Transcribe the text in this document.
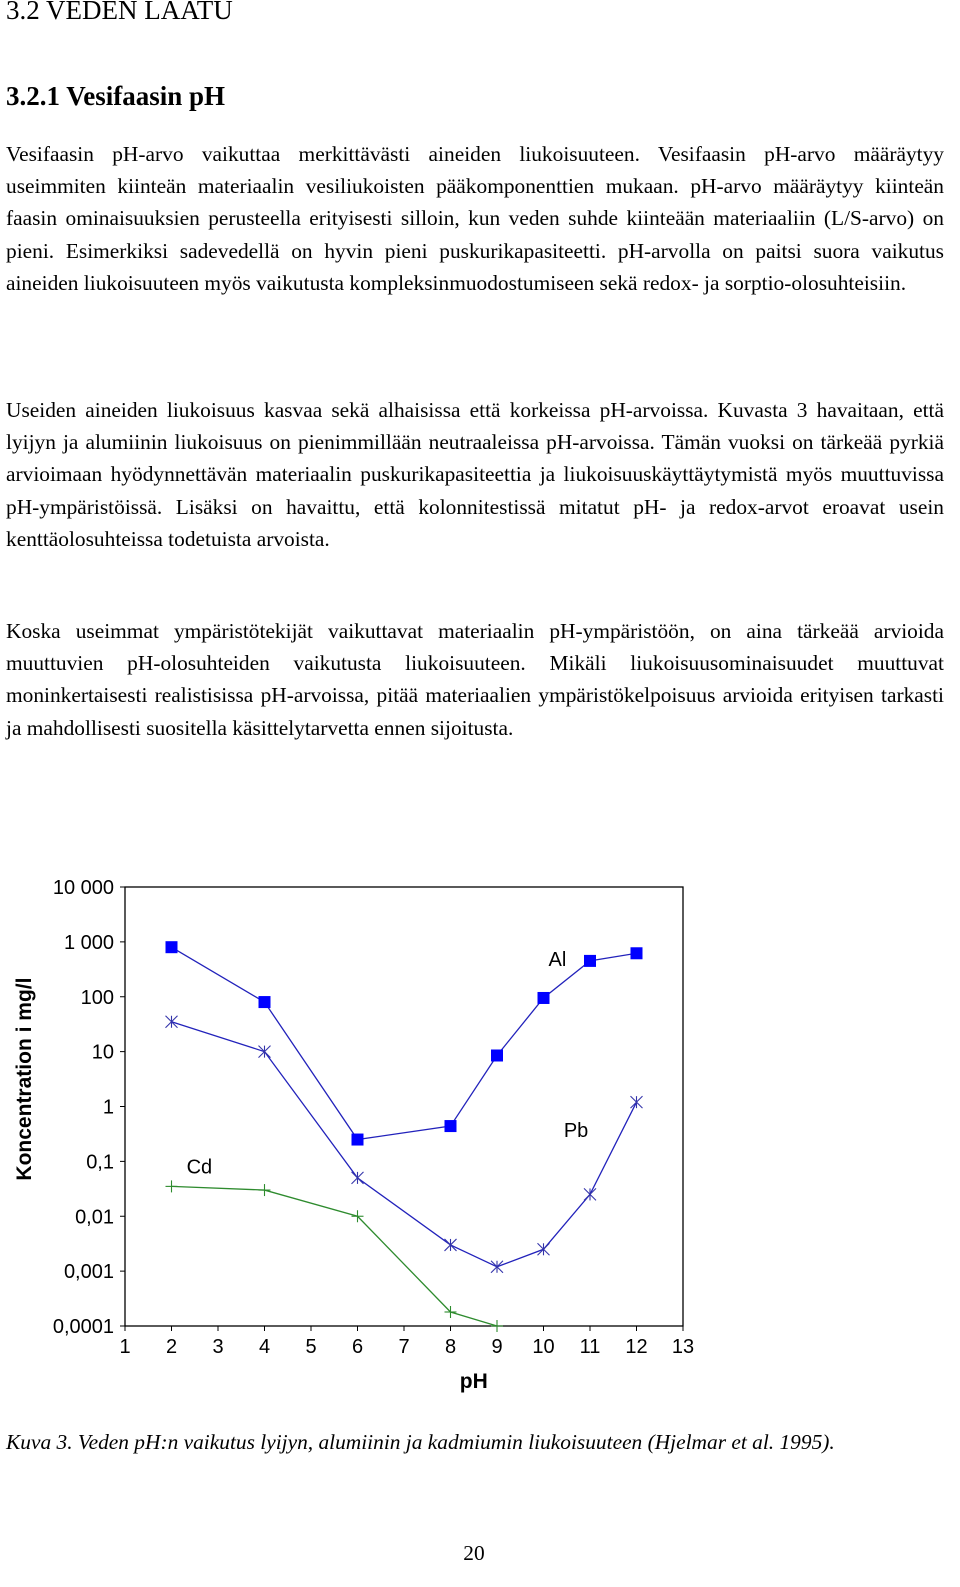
3.2 VEDEN LAATU
3.2.1 Vesifaasin pH

Vesifaasin pH-arvo vaikuttaa merkittävästi aineiden liukoisuuteen. Vesifaasin pH-arvo määräytyy useimmiten kiinteän materiaalin vesiliukoisten pääkomponenttien mukaan. pH-arvo määräytyy kiinteän faasin ominaisuuksien perusteella erityisesti silloin, kun veden suhde kiinteään materiaaliin (L/S-arvo) on pieni. Esimerkiksi sadevedellä on hyvin pieni puskurikapasiteetti. pH-arvolla on paitsi suora vaikutus aineiden liukoisuuteen myös vaikutusta kompleksinmuodostumiseen sekä redox- ja sorptio-olosuhteisiin.

Useiden aineiden liukoisuus kasvaa sekä alhaisissa että korkeissa pH-arvoissa. Kuvasta 3 havaitaan, että lyijyn ja alumiinin liukoisuus on pienimmillään neutraaleissa pH-arvoissa. Tämän vuoksi on tärkeää pyrkiä arvioimaan hyödynnettävän materiaalin puskurikapasiteettia ja liukoisuuskäyttäytymistä myös muuttuvissa pH-ympäristöissä. Lisäksi on havaittu, että kolonnitestissä mitatut pH- ja redox-arvot eroavat usein kenttäolosuhteissa todetuista arvoista.

Koska useimmat ympäristötekijät vaikuttavat materiaalin pH-ympäristöön, on aina tärkeää arvioida muuttuvien pH-olosuhteiden vaikutusta liukoisuuteen. Mikäli liukoisuusominaisuudet muuttuvat moninkertaisesti realistisissa pH-arvoissa, pitää materiaalien ympäristökelpoisuus arvioida erityisen tarkasti ja mahdollisesti suositella käsittelytarvetta ennen sijoitusta.

0,0001
0,001
0,01
0,1
1
10
100
1 000
10 000
1 2 3 4 5 6 7 8 9 10 11 12 13
pH
Koncentration i mg/l
Al
Pb
Cd

Kuva 3. Veden pH:n vaikutus lyijyn, alumiinin ja kadmiumin liukoisuuteen (Hjelmar et al. 1995).

20
